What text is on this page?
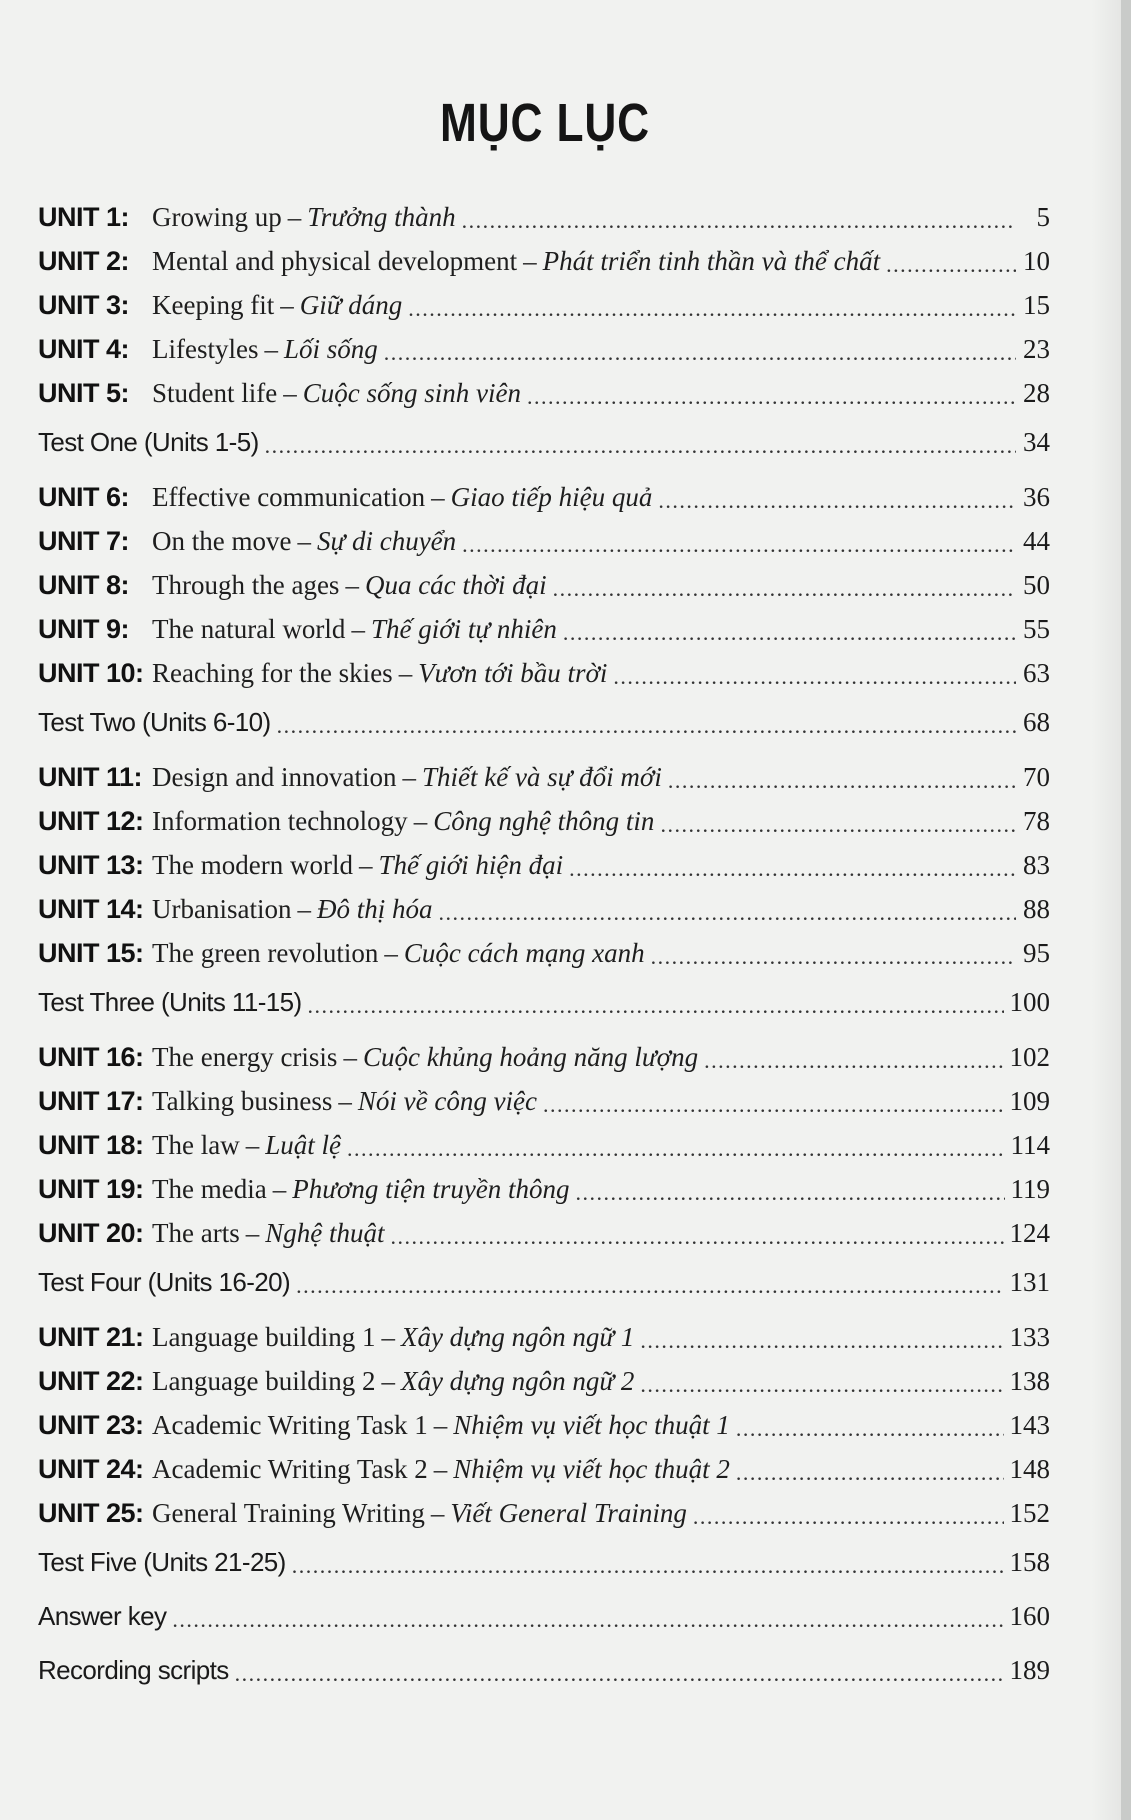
MỤC LỤC
UNIT 1: Growing up – Trưởng thành .....	5
UNIT 2: Mental and physical development – Phát triển tinh thần và thể chất .....	10
UNIT 3: Keeping fit – Giữ dáng .....	15
UNIT 4: Lifestyles – Lối sống .....	23
UNIT 5: Student life – Cuộc sống sinh viên .....	28
Test One (Units 1-5) .....	34
UNIT 6: Effective communication – Giao tiếp hiệu quả .....	36
UNIT 7: On the move – Sự di chuyển .....	44
UNIT 8: Through the ages – Qua các thời đại .....	50
UNIT 9: The natural world – Thế giới tự nhiên .....	55
UNIT 10: Reaching for the skies – Vươn tới bầu trời .....	63
Test Two (Units 6-10) .....	68
UNIT 11: Design and innovation – Thiết kế và sự đổi mới .....	70
UNIT 12: Information technology – Công nghệ thông tin .....	78
UNIT 13: The modern world – Thế giới hiện đại .....	83
UNIT 14: Urbanisation – Đô thị hóa .....	88
UNIT 15: The green revolution – Cuộc cách mạng xanh .....	95
Test Three (Units 11-15) .....	100
UNIT 16: The energy crisis – Cuộc khủng hoảng năng lượng .....	102
UNIT 17: Talking business – Nói về công việc .....	109
UNIT 18: The law – Luật lệ .....	114
UNIT 19: The media – Phương tiện truyền thông .....	119
UNIT 20: The arts – Nghệ thuật .....	124
Test Four (Units 16-20) .....	131
UNIT 21: Language building 1 – Xây dựng ngôn ngữ 1 .....	133
UNIT 22: Language building 2 – Xây dựng ngôn ngữ 2 .....	138
UNIT 23: Academic Writing Task 1 – Nhiệm vụ viết học thuật 1 .....	143
UNIT 24: Academic Writing Task 2 – Nhiệm vụ viết học thuật 2 .....	148
UNIT 25: General Training Writing – Viết General Training .....	152
Test Five (Units 21-25) .....	158
Answer key .....	160
Recording scripts .....	189
